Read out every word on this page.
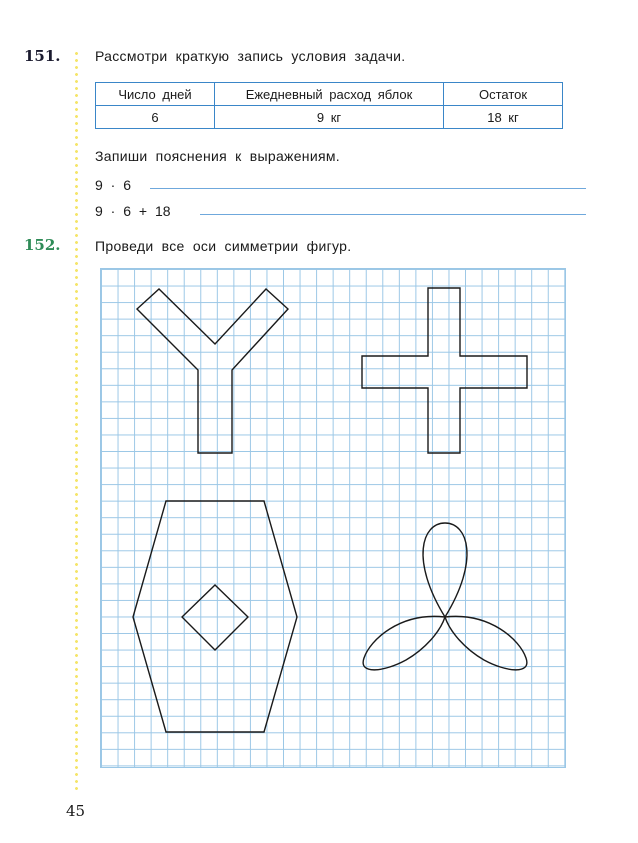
151. Рассмотри краткую запись условия задачи.
Число дней	Ежедневный расход яблок	Остаток
6	9 кг	18 кг
Запиши пояснения к выражениям.
9 · 6
9 · 6 + 18
152. Проведи все оси симметрии фигур.
45
